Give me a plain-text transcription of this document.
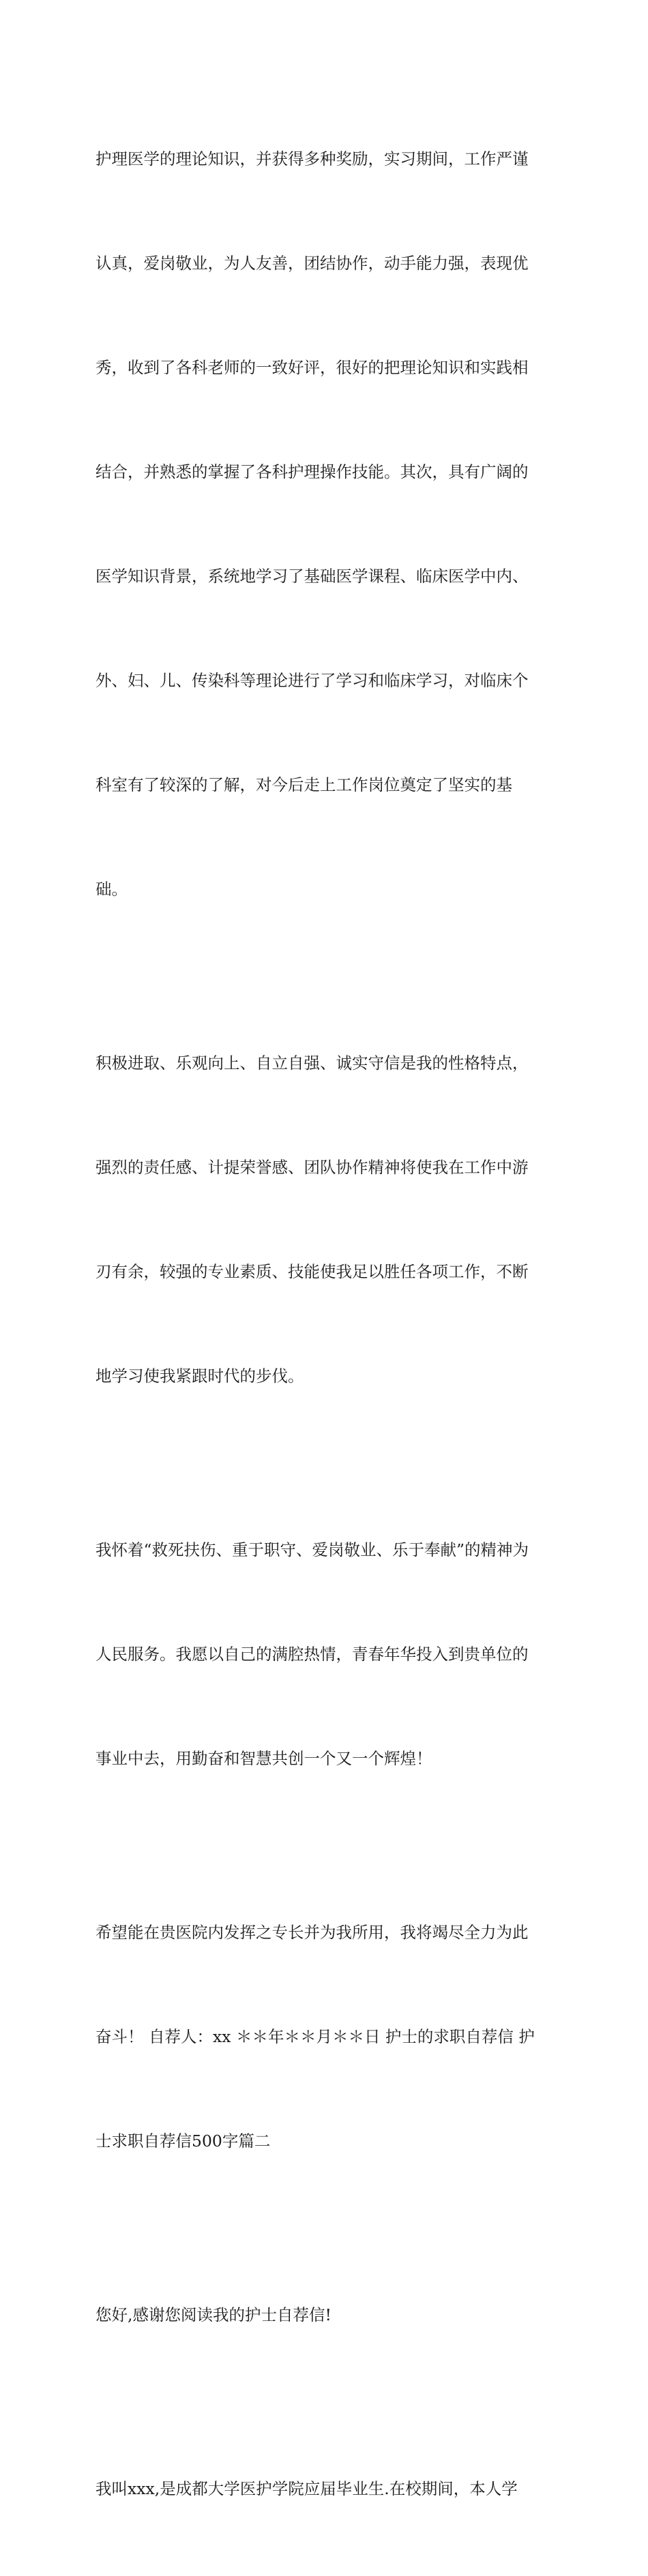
护理医学的理论知识，并获得多种奖励，实习期间，工作严谨

认真，爱岗敬业，为人友善，团结协作，动手能力强，表现优

秀，收到了各科老师的一致好评，很好的把理论知识和实践相

结合，并熟悉的掌握了各科护理操作技能。其次，具有广阔的

医学知识背景，系统地学习了基础医学课程、临床医学中内、

外、妇、儿、传染科等理论进行了学习和临床学习，对临床个

科室有了较深的了解，对今后走上工作岗位奠定了坚实的基

础。

积极进取、乐观向上、自立自强、诚实守信是我的性格特点，

强烈的责任感、计提荣誉感、团队协作精神将使我在工作中游

刃有余，较强的专业素质、技能使我足以胜任各项工作，不断

地学习使我紧跟时代的步伐。

我怀着“救死扶伤、重于职守、爱岗敬业、乐于奉献”的精神为

人民服务。我愿以自己的满腔热情，青春年华投入到贵单位的

事业中去，用勤奋和智慧共创一个又一个辉煌！

希望能在贵医院内发挥之专长并为我所用，我将竭尽全力为此

奋斗！ 自荐人：xx ＊＊年＊＊月＊＊日 护士的求职自荐信 护

士求职自荐信500字篇二

您好,感谢您阅读我的护士自荐信!

我叫xxx,是成都大学医护学院应届毕业生.在校期间，本人学
